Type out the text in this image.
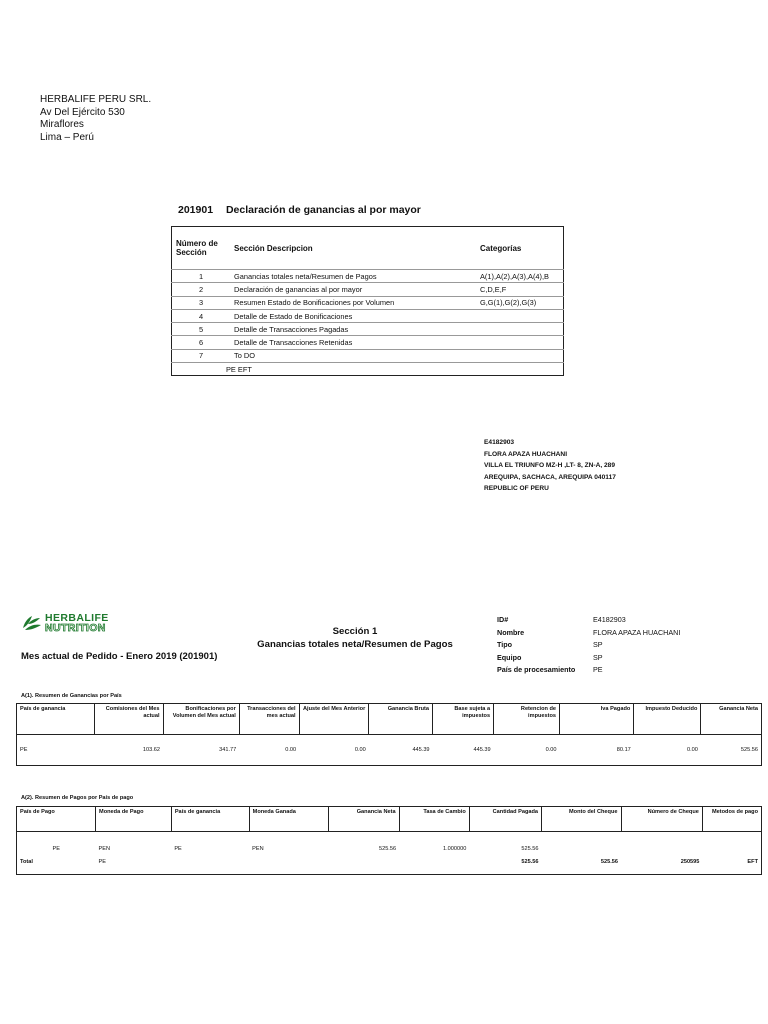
HERBALIFE PERU SRL.
Av Del Ejército 530
Miraflores
Lima – Perú
201901 Declaración de ganancias al por mayor
Número de Sección	Sección Descripcion	Categorías
1	Ganancias totales neta/Resumen de Pagos	A(1),A(2),A(3),A(4),B
2	Declaración de ganancias al por mayor	C,D,E,F
3	Resumen Estado de Bonificaciones por Volumen	G,G(1),G(2),G(3)
4	Detalle de Estado de Bonificaciones	
5	Detalle de Transacciones Pagadas	
6	Detalle de Transacciones Retenidas	
7	To DO	
PE EFT		
E4182903
FLORA APAZA HUACHANI
VILLA EL TRIUNFO MZ-H ,LT- 8, ZN-A, 289
AREQUIPA, SACHACA, AREQUIPA 040117
REPUBLIC OF PERU
HERBALIFE
NUTRITION	Sección 1
Ganancias totales neta/Resumen de Pagos
Mes actual de Pedido - Enero 2019 (201901)
ID#	E4182903
Nombre	FLORA APAZA HUACHANI
Tipo	SP
Equipo	SP
País de procesamiento PE
A(1). Resumen de Ganancias por País
País de ganancia	Comisiones del Mes actual	Bonificaciones por Volumen del Mes actual	Transacciones del mes actual	Ajuste del Mes Anterior	Ganancia Bruta	Base sujeta a impuestos	Retencion de impuestos	Iva Pagado	Impuesto Deducido	Ganancia Neta
PE	103.62	341.77	0.00	0.00	445.39	445.39	0.00	80.17	0.00	525.56
A(2). Resumen de Pagos por País de pago
País de Pago	Moneda de Pago	País de ganancia	Moneda Ganada	Ganancia Neta	Tasa de Cambio	Cantidad Pagada	Monto del Cheque	Número de Cheque	Metodos de pago
PE	PEN	PE	PEN	525.56	1.000000	525.56			
Total	PE					525.56	525.56	250595	EFT
